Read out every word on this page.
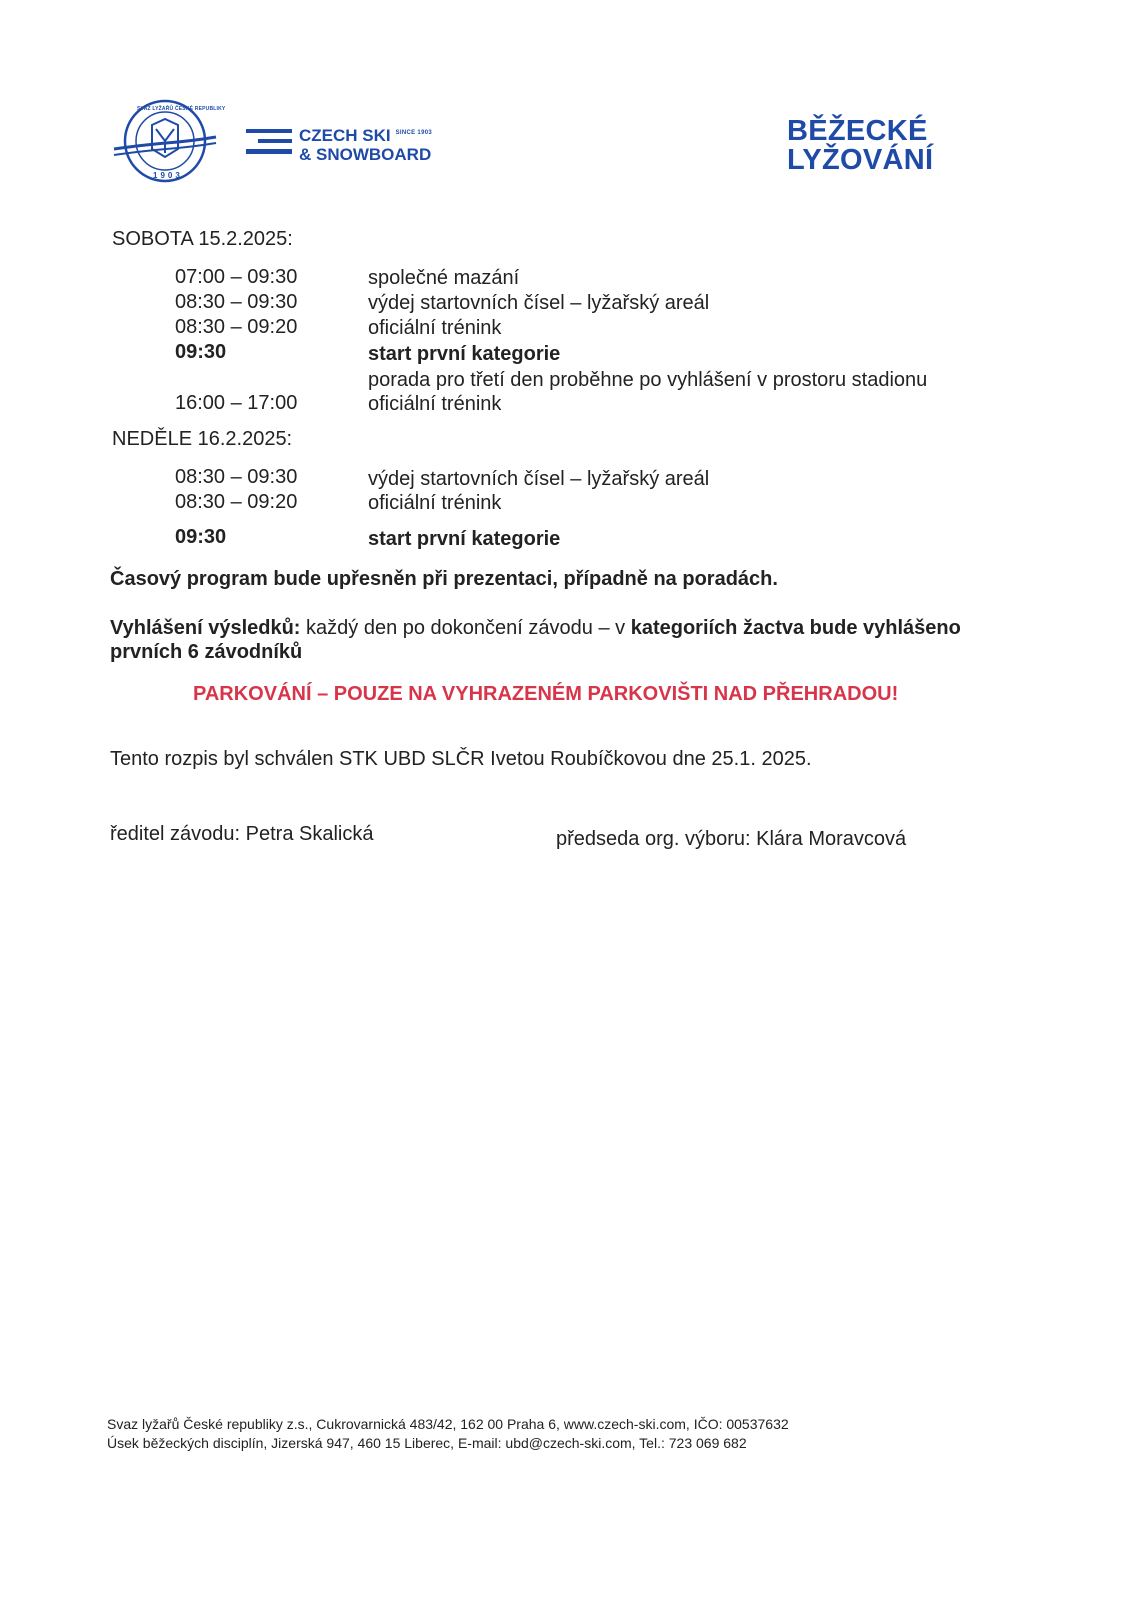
SVAZ LYŽAŘŮ ČESKÉ REPUBLIKY
1903
CZECH SKI $^{SINCE 1903}$
& SNOWBOARD
BĚŽECKÉ
LYŽOVÁNÍ
SOBOTA 15.2.2025:
07:00 – 09:30	společné mazání
08:30 – 09:30	výdej startovních čísel – lyžařský areál
08:30 – 09:20	oficiální trénink
09:30	start první kategorie
porada pro třetí den proběhne po vyhlášení v prostoru stadionu
16:00 – 17:00	oficiální trénink
NEDĚLE 16.2.2025:
08:30 – 09:30	výdej startovních čísel – lyžařský areál
08:30 – 09:20	oficiální trénink
09:30	start první kategorie
Časový program bude upřesněn při prezentaci, případně na poradách.
Vyhlášení výsledků: každý den po dokončení závodu – v kategoriích žactva bude vyhlášeno
prvních 6 závodníků
PARKOVÁNÍ – POUZE NA VYHRAZENÉM PARKOVIŠTI NAD PŘEHRADOU!
Tento rozpis byl schválen STK UBD SLČR Ivetou Roubíčkovou dne 25.1. 2025.
ředitel závodu: Petra Skalická	předseda org. výboru: Klára Moravcová
Svaz lyžařů České republiky z.s., Cukrovarnická 483/42, 162 00 Praha 6, www.czech-ski.com, IČO: 00537632
Úsek běžeckých disciplín, Jizerská 947, 460 15 Liberec, E-mail: ubd@czech-ski.com, Tel.: 723 069 682
